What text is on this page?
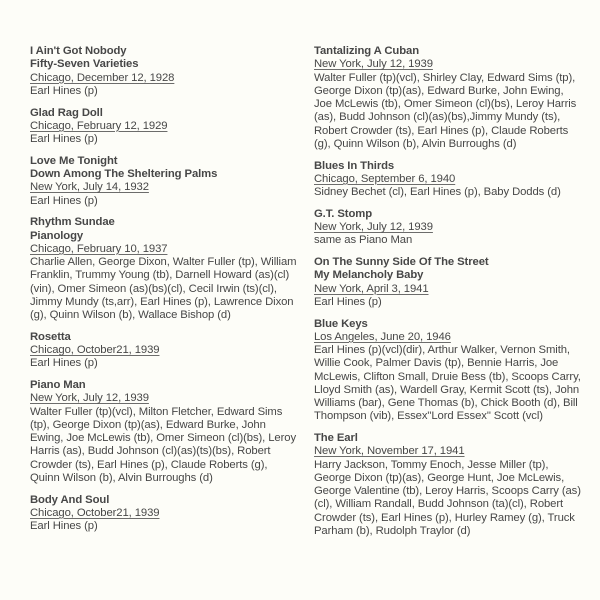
I Ain't Got Nobody
Fifty-Seven Varieties
Chicago, December 12, 1928
Earl Hines (p)
Glad Rag Doll
Chicago, February 12, 1929
Earl Hines (p)
Love Me Tonight
Down Among The Sheltering Palms
New York, July 14, 1932
Earl Hines (p)
Rhythm Sundae
Pianology
Chicago, February 10, 1937
Charlie Allen, George Dixon, Walter Fuller (tp), William Franklin, Trummy Young (tb), Darnell Howard (as)(cl)(vin), Omer Simeon (as)(bs)(cl), Cecil Irwin (ts)(cl), Jimmy Mundy (ts,arr), Earl Hines (p), Lawrence Dixon (g), Quinn Wilson (b), Wallace Bishop (d)
Rosetta
Chicago, October21, 1939
Earl Hines (p)
Piano Man
New York, July 12, 1939
Walter Fuller (tp)(vcl), Milton Fletcher, Edward Sims (tp), George Dixon (tp)(as), Edward Burke, John Ewing, Joe McLewis (tb), Omer Simeon (cl)(bs), Leroy Harris (as), Budd Johnson (cl)(as)(ts)(bs), Robert Crowder (ts), Earl Hines (p), Claude Roberts (g), Quinn Wilson (b), Alvin Burroughs (d)
Body And Soul
Chicago, October21, 1939
Earl Hines (p)
Tantalizing A Cuban
New York, July 12, 1939
Walter Fuller (tp)(vcl), Shirley Clay, Edward Sims (tp), George Dixon (tp)(as), Edward Burke, John Ewing, Joe McLewis (tb), Omer Simeon (cl)(bs), Leroy Harris (as), Budd Johnson (cl)(as)(bs),Jimmy Mundy (ts), Robert Crowder (ts), Earl Hines (p), Claude Roberts (g), Quinn Wilson (b), Alvin Burroughs (d)
Blues In Thirds
Chicago, September 6, 1940
Sidney Bechet (cl), Earl Hines (p), Baby Dodds (d)
G.T. Stomp
New York, July 12, 1939
same as Piano Man
On The Sunny Side Of The Street
My Melancholy Baby
New York, April 3, 1941
Earl Hines (p)
Blue Keys
Los Angeles, June 20, 1946
Earl Hines (p)(vcl)(dir), Arthur Walker, Vernon Smith, Willie Cook, Palmer Davis (tp), Bennie Harris, Joe McLewis, Clifton Small, Druie Bess (tb), Scoops Carry, Lloyd Smith (as), Wardell Gray, Kermit Scott (ts), John Williams (bar), Gene Thomas (b), Chick Booth (d), Bill Thompson (vib), Essex"Lord Essex" Scott (vcl)
The Earl
New York, November 17, 1941
Harry Jackson, Tommy Enoch, Jesse Miller (tp), George Dixon (tp)(as), George Hunt, Joe McLewis, George Valentine (tb), Leroy Harris, Scoops Carry (as)(cl), William Randall, Budd Johnson (ta)(cl), Robert Crowder (ts), Earl Hines (p), Hurley Ramey (g), Truck Parham (b), Rudolph Traylor (d)
